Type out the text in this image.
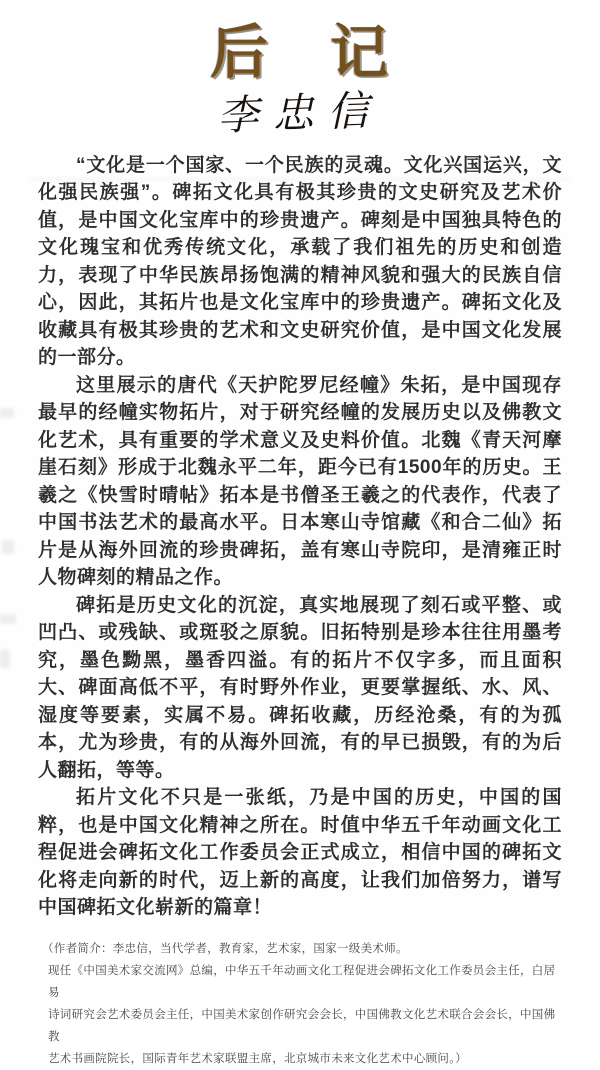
后　记
李忠信

“文化是一个国家、一个民族的灵魂。文化兴国运兴，文化强民族强”。碑拓文化具有极其珍贵的文史研究及艺术价值，是中国文化宝库中的珍贵遗产。碑刻是中国独具特色的文化瑰宝和优秀传统文化，承载了我们祖先的历史和创造力，表现了中华民族昂扬饱满的精神风貌和强大的民族自信心，因此，其拓片也是文化宝库中的珍贵遗产。碑拓文化及收藏具有极其珍贵的艺术和文史研究价值，是中国文化发展的一部分。

这里展示的唐代《天护陀罗尼经幢》朱拓，是中国现存最早的经幢实物拓片，对于研究经幢的发展历史以及佛教文化艺术，具有重要的学术意义及史料价值。北魏《青天河摩崖石刻》形成于北魏永平二年，距今已有1500年的历史。王羲之《快雪时晴帖》拓本是书僧圣王羲之的代表作，代表了中国书法艺术的最高水平。日本寒山寺馆藏《和合二仙》拓片是从海外回流的珍贵碑拓，盖有寒山寺院印，是清雍正时人物碑刻的精品之作。

碑拓是历史文化的沉淀，真实地展现了刻石或平整、或凹凸、或残缺、或斑驳之原貌。旧拓特别是珍本往往用墨考究，墨色黝黑，墨香四溢。有的拓片不仅字多，而且面积大、碑面高低不平，有时野外作业，更要掌握纸、水、风、湿度等要素，实属不易。碑拓收藏，历经沧桑，有的为孤本，尤为珍贵，有的从海外回流，有的早已损毁，有的为后人翻拓，等等。

拓片文化不只是一张纸，乃是中国的历史，中国的国粹，也是中国文化精神之所在。时值中华五千年动画文化工程促进会碑拓文化工作委员会正式成立，相信中国的碑拓文化将走向新的时代，迈上新的高度，让我们加倍努力，谱写中国碑拓文化崭新的篇章！

（作者简介：李忠信，当代学者，教育家，艺术家，国家一级美术师。
现任《中国美术家交流网》总编，中华五千年动画文化工程促进会碑拓文化工作委员会主任，白居易
诗词研究会艺术委员会主任，中国美术家创作研究会会长，中国佛教文化艺术联合会会长，中国佛教
艺术书画院院长，国际青年艺术家联盟主席，北京城市未来文化艺术中心顾问。）
